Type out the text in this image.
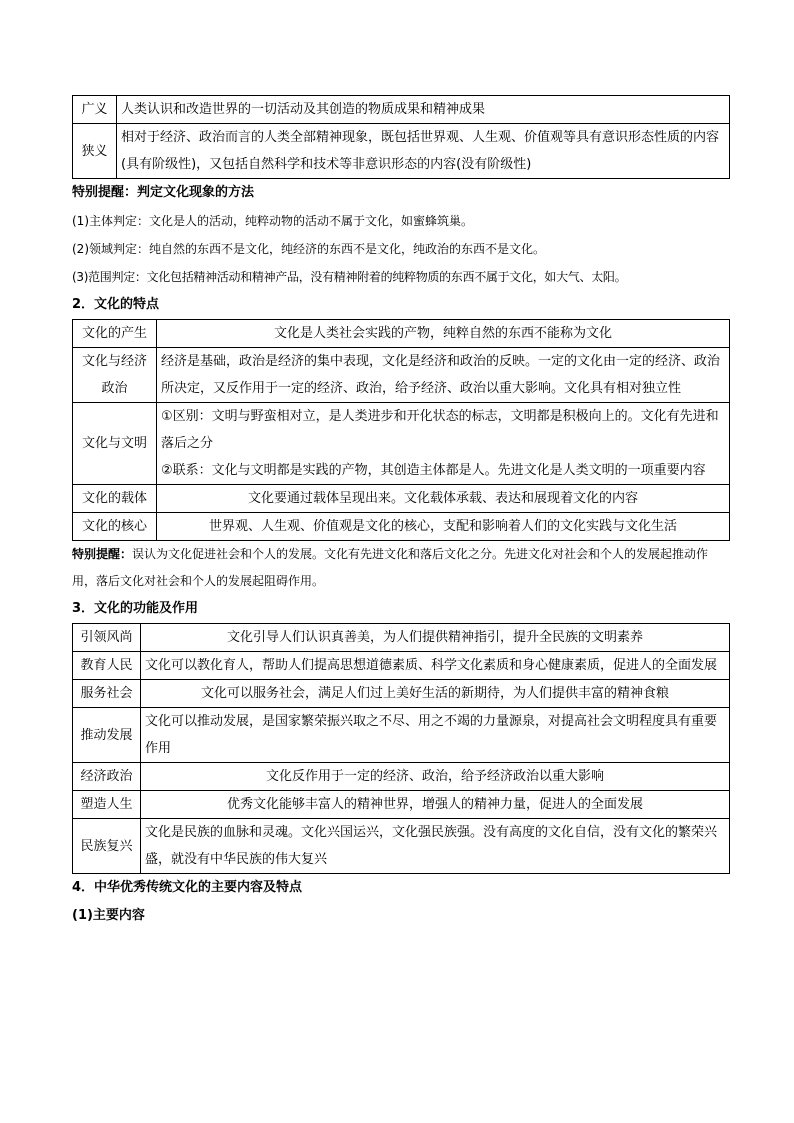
广义	人类认识和改造世界的一切活动及其创造的物质成果和精神成果
狭义	相对于经济、政治而言的人类全部精神现象，既包括世界观、人生观、价值观等具有意识形态性质的内容(具有阶级性)，又包括自然科学和技术等非意识形态的内容(没有阶级性)
特别提醒：判定文化现象的方法
(1)主体判定：文化是人的活动，纯粹动物的活动不属于文化，如蜜蜂筑巢。
(2)领域判定：纯自然的东西不是文化，纯经济的东西不是文化，纯政治的东西不是文化。
(3)范围判定：文化包括精神活动和精神产品，没有精神附着的纯粹物质的东西不属于文化，如大气、太阳。
2．文化的特点
文化的产生	文化是人类社会实践的产物，纯粹自然的东西不能称为文化
文化与经济政治	经济是基础，政治是经济的集中表现，文化是经济和政治的反映。一定的文化由一定的经济、政治所决定，又反作用于一定的经济、政治，给予经济、政治以重大影响。文化具有相对独立性
文化与文明	①区别：文明与野蛮相对立，是人类进步和开化状态的标志，文明都是积极向上的。文化有先进和落后之分
②联系：文化与文明都是实践的产物，其创造主体都是人。先进文化是人类文明的一项重要内容

文化的载体	文化要通过载体呈现出来。文化载体承载、表达和展现着文化的内容
文化的核心	世界观、人生观、价值观是文化的核心，支配和影响着人们的文化实践与文化生活
特别提醒：误认为文化促进社会和个人的发展。文化有先进文化和落后文化之分。先进文化对社会和个人的发展起推动作用，落后文化对社会和个人的发展起阻碍作用。
3．文化的功能及作用
引领风尚	文化引导人们认识真善美，为人们提供精神指引，提升全民族的文明素养
教育人民	文化可以教化育人，帮助人们提高思想道德素质、科学文化素质和身心健康素质，促进人的全面发展
服务社会	文化可以服务社会，满足人们过上美好生活的新期待，为人们提供丰富的精神食粮
推动发展	文化可以推动发展，是国家繁荣振兴取之不尽、用之不竭的力量源泉，对提高社会文明程度具有重要作用
经济政治	文化反作用于一定的经济、政治，给予经济政治以重大影响
塑造人生	优秀文化能够丰富人的精神世界，增强人的精神力量，促进人的全面发展
民族复兴	文化是民族的血脉和灵魂。文化兴国运兴，文化强民族强。没有高度的文化自信，没有文化的繁荣兴盛，就没有中华民族的伟大复兴
4．中华优秀传统文化的主要内容及特点
(1)主要内容
